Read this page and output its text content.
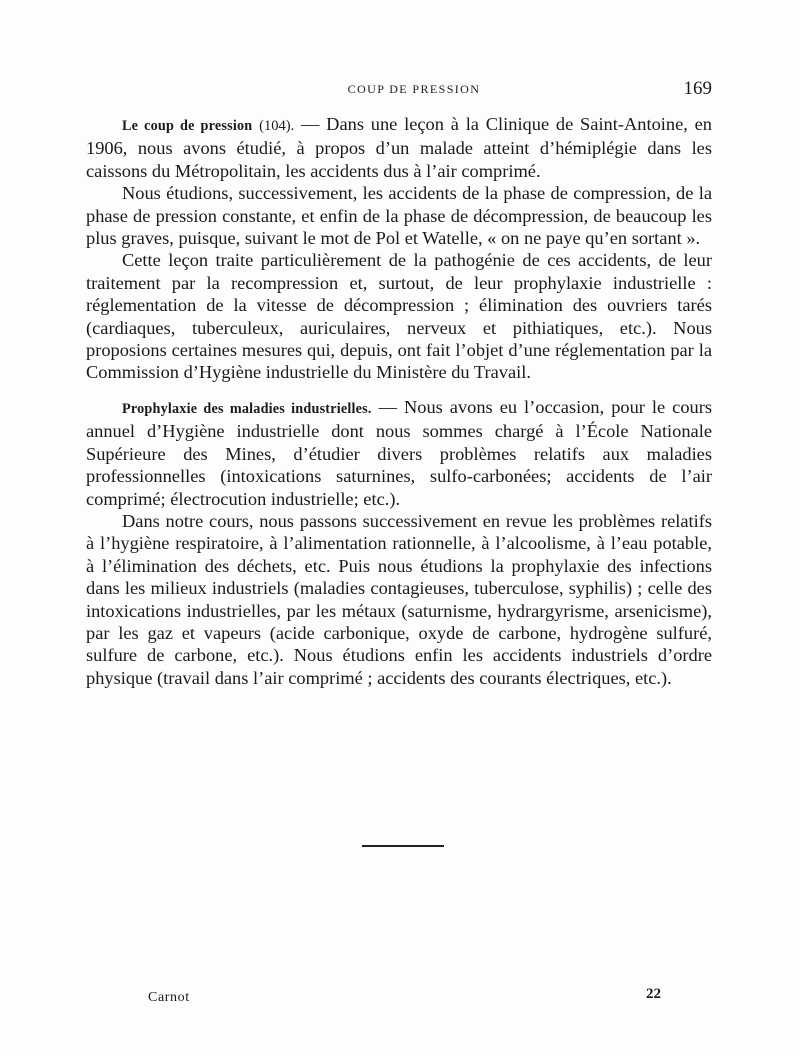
COUP DE PRESSION	169

Le coup de pression (104). — Dans une leçon à la Clinique de Saint-Antoine, en 1906, nous avons étudié, à propos d’un malade atteint d’hémiplégie dans les caissons du Métropolitain, les accidents dus à l’air comprimé.

Nous étudions, successivement, les accidents de la phase de compression, de la phase de pression constante, et enfin de la phase de décompression, de beaucoup les plus graves, puisque, suivant le mot de Pol et Watelle, « on ne paye qu’en sortant ».

Cette leçon traite particulièrement de la pathogénie de ces accidents, de leur traitement par la recompression et, surtout, de leur prophylaxie industrielle : réglementation de la vitesse de décompression ; élimination des ouvriers tarés (cardiaques, tuberculeux, auriculaires, nerveux et pithiatiques, etc.). Nous proposions certaines mesures qui, depuis, ont fait l’objet d’une réglementation par la Commission d’Hygiène industrielle du Ministère du Travail.

Prophylaxie des maladies industrielles. — Nous avons eu l’occasion, pour le cours annuel d’Hygiène industrielle dont nous sommes chargé à l’École Nationale Supérieure des Mines, d’étudier divers problèmes relatifs aux maladies professionnelles (intoxications saturnines, sulfo-carbonées; accidents de l’air comprimé; électrocution industrielle; etc.).

Dans notre cours, nous passons successivement en revue les problèmes relatifs à l’hygiène respiratoire, à l’alimentation rationnelle, à l’alcoolisme, à l’eau potable, à l’élimination des déchets, etc. Puis nous étudions la prophylaxie des infections dans les milieux industriels (maladies contagieuses, tuberculose, syphilis) ; celle des intoxications industrielles, par les métaux (saturnisme, hydrargyrisme, arsenicisme), par les gaz et vapeurs (acide carbonique, oxyde de carbone, hydrogène sulfuré, sulfure de carbone, etc.). Nous étudions enfin les accidents industriels d’ordre physique (travail dans l’air comprimé ; accidents des courants électriques, etc.).

Carnot	22
